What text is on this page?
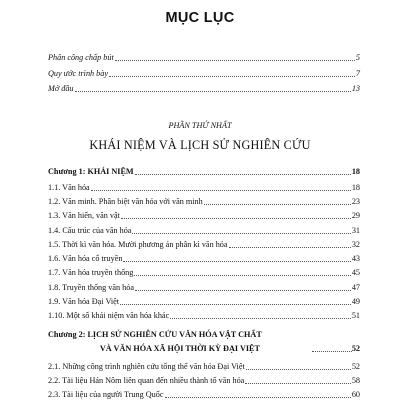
MỤC LỤC
Phân công chấp bút	5
Quy ước trình bày	7
Mở đầu	13
PHẦN THỨ NHẤT
KHÁI NIỆM VÀ LỊCH SỬ NGHIÊN CỨU
Chương 1: KHÁI NIỆM	18
1.1. Văn hóa	18
1.2. Văn minh. Phân biệt văn hóa với văn minh	23
1.3. Văn hiến, văn vật	29
1.4. Cấu trúc của văn hóa	31
1.5. Thời kì văn hóa. Mười phương án phân kì văn hóa	32
1.6. Văn hóa cổ truyền	43
1.7. Văn hóa truyền thống	45
1.8. Truyền thống văn hóa	47
1.9. Văn hóa Đại Việt	49
1.10. Một số khái niệm văn hóa khác	51
Chương 2: LỊCH SỬ NGHIÊN CỨU VĂN HÓA VẬT CHẤT
VÀ VĂN HÓA XÃ HỘI THỜI KỲ ĐẠI VIỆT	52
2.1. Những công trình nghiên cứu tổng thể văn hóa Đại Việt	52
2.2. Tài liệu Hán Nôm liên quan đến nhiều thành tố văn hóa	58
2.3. Tài liệu của người Trung Quốc	60
